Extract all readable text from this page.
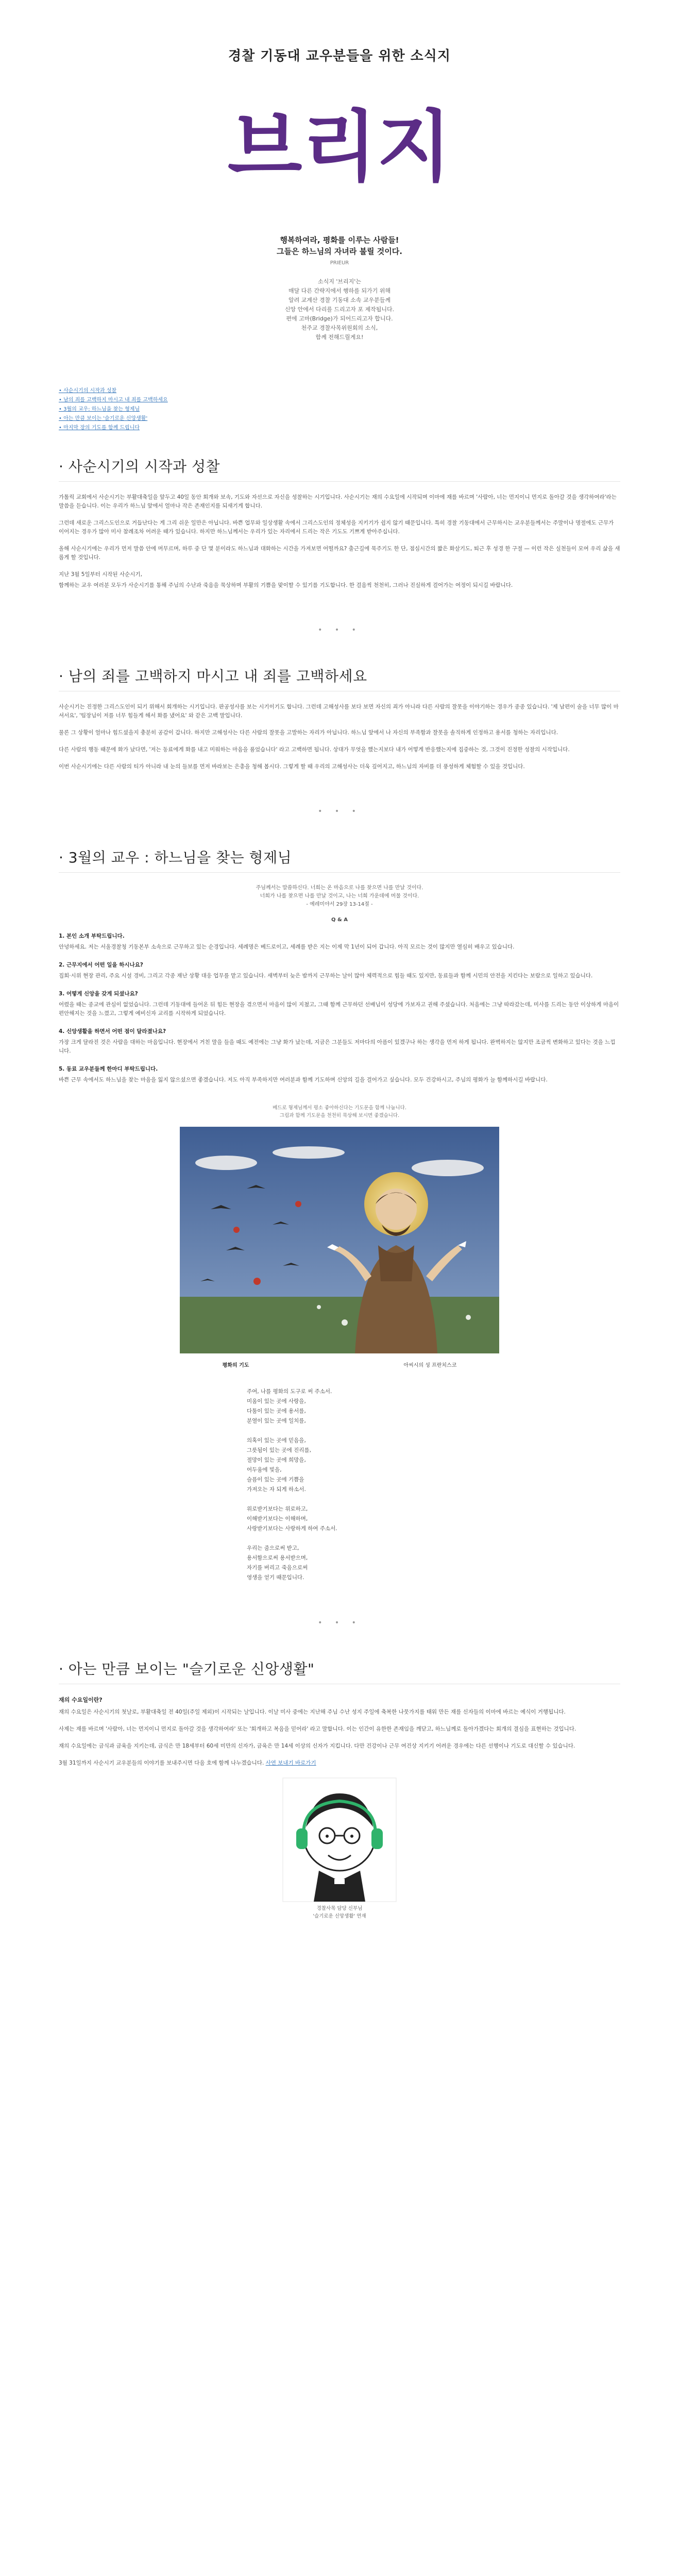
경찰 기동대 교우분들을 위한 소식지
브리지
행복하여라, 평화를 이루는 사람들!
그들은 하느님의 자녀라 불릴 것이다.
PRIEUR
소식지 '브리지'는
매달 다른 간략지에서 행하를 되가기 위해
알려 교계산 경찰 기동대 소속 교우분들께
신앙 안에서 다리를 드리고자 포 제작됩니다.
편에 고마(Bridge)가 되어드리고자 합니다.
천주교 경찰사목위원회의 소식,
함께 전해드릴게요!
• 사순시기의 시작과 성찰
• 남의 죄를 고백하지 마시고 내 죄를 고백하세요
• 3월의 교우: 하느님을 찾는 형제님
• 아는 만큼 보이는 '슬기로운 신앙생활'
• 마지막 장의 기도를 함께 드립니다
· 사순시기의 시작과 성찰

가톨릭 교회에서 사순시기는 부활대축일을 앞두고 40일 동안 회개와 보속, 기도와 자선으로 자신을 성찰하는 시기입니다. 사순시기는 재의 수요일에 시작되며 이마에 재를 바르며 '사람아, 너는 먼지이니 먼지로 돌아갈 것을 생각하여라'라는 말씀을 듣습니다. 이는 우리가 하느님 앞에서 얼마나 작은 존재인지를 되새기게 합니다.

그런데 새로운 그리스도인으로 거듭난다는 게 그리 쉬운 일만은 아닙니다. 바쁜 업무와 일상생활 속에서 그리스도인의 정체성을 지키기가 쉽지 않기 때문입니다. 특히 경찰 기동대에서 근무하시는 교우분들께서는 주말이나 명절에도 근무가 이어지는 경우가 많아 미사 참례조차 어려운 때가 있습니다. 하지만 하느님께서는 우리가 있는 자리에서 드리는 작은 기도도 기쁘게 받아주십니다.

올해 사순시기에는 우리가 먼저 말씀 안에 머무르며, 하루 중 단 몇 분이라도 하느님과 대화하는 시간을 가져보면 어떨까요? 출근길에 묵주기도 한 단, 점심시간의 짧은 화살기도, 퇴근 후 성경 한 구절 — 이런 작은 실천들이 모여 우리 삶을 새롭게 할 것입니다.

지난 3월 5일부터 시작된 사순시기,

함께하는 교우 여러분 모두가 사순시기를 통해 주님의 수난과 죽음을 묵상하며 부활의 기쁨을 맞이할 수 있기를 기도합니다. 한 걸음씩 천천히, 그러나 진실하게 걸어가는 여정이 되시길 바랍니다.

• • •
· 남의 죄를 고백하지 마시고 내 죄를 고백하세요

사순시기는 진정한 그리스도인이 되기 위해서 회개하는 시기입니다. 판공성사를 보는 시기이기도 합니다. 그런데 고해성사를 보다 보면 자신의 죄가 아니라 다른 사람의 잘못을 이야기하는 경우가 종종 있습니다. '제 남편이 술을 너무 많이 마셔서요', '팀장님이 저를 너무 힘들게 해서 화를 냈어요' 와 같은 고백 말입니다.

물론 그 상황이 얼마나 힘드셨을지 충분히 공감이 갑니다. 하지만 고해성사는 다른 사람의 잘못을 고발하는 자리가 아닙니다. 하느님 앞에서 나 자신의 부족함과 잘못을 솔직하게 인정하고 용서를 청하는 자리입니다.

다른 사람의 행동 때문에 화가 났다면, '저는 동료에게 화를 내고 미워하는 마음을 품었습니다' 라고 고백하면 됩니다. 상대가 무엇을 했는지보다 내가 어떻게 반응했는지에 집중하는 것, 그것이 진정한 성찰의 시작입니다.

이번 사순시기에는 다른 사람의 티가 아니라 내 눈의 들보를 먼저 바라보는 은총을 청해 봅시다. 그렇게 할 때 우리의 고해성사는 더욱 깊어지고, 하느님의 자비를 더 풍성하게 체험할 수 있을 것입니다.

• • •
· 3월의 교우 : 하느님을 찾는 형제님
주님께서는 말씀하신다. 너희는 온 마음으로 나를 찾으면 나를 만날 것이다.
너희가 나를 찾으면 나를 만날 것이고, 나는 너희 가운데에 머물 것이다.
- 예레미야서 29장 13-14절 -
Q & A
1. 본인 소개 부탁드립니다.

안녕하세요. 저는 서울경찰청 기동본부 소속으로 근무하고 있는 순경입니다. 세례명은 베드로이고, 세례를 받은 지는 이제 막 1년이 되어 갑니다. 아직 모르는 것이 많지만 열심히 배우고 있습니다.

2. 근무지에서 어떤 일을 하시나요?

집회·시위 현장 관리, 주요 시설 경비, 그리고 각종 재난 상황 대응 업무를 맡고 있습니다. 새벽부터 늦은 밤까지 근무하는 날이 많아 체력적으로 힘들 때도 있지만, 동료들과 함께 시민의 안전을 지킨다는 보람으로 일하고 있습니다.

3. 어떻게 신앙을 갖게 되셨나요?

어렸을 때는 종교에 관심이 없었습니다. 그런데 기동대에 들어온 뒤 힘든 현장을 겪으면서 마음이 많이 지쳤고, 그때 함께 근무하던 선배님이 성당에 가보자고 권해 주셨습니다. 처음에는 그냥 따라갔는데, 미사를 드리는 동안 이상하게 마음이 편안해지는 것을 느꼈고, 그렇게 예비신자 교리를 시작하게 되었습니다.

4. 신앙생활을 하면서 어떤 점이 달라졌나요?

가장 크게 달라진 것은 사람을 대하는 마음입니다. 현장에서 거친 말을 들을 때도 예전에는 그냥 화가 났는데, 지금은 그분들도 저마다의 아픔이 있겠구나 하는 생각을 먼저 하게 됩니다. 완벽하지는 않지만 조금씩 변화하고 있다는 것을 느낍니다.

5. 동료 교우분들께 한마디 부탁드립니다.

바쁜 근무 속에서도 하느님을 찾는 마음을 잃지 않으셨으면 좋겠습니다. 저도 아직 부족하지만 여러분과 함께 기도하며 신앙의 길을 걸어가고 싶습니다. 모두 건강하시고, 주님의 평화가 늘 함께하시길 바랍니다.

베드로 형제님께서 평소 좋아하신다는 기도문을 함께 나눕니다.
그림과 함께 기도문을 천천히 묵상해 보시면 좋겠습니다.
평화의 기도	아씨시의 성 프란치스코
주여, 나를 평화의 도구로 써 주소서.
미움이 있는 곳에 사랑을,
다툼이 있는 곳에 용서를,
분열이 있는 곳에 일치를,
의혹이 있는 곳에 믿음을,
그릇됨이 있는 곳에 진리를,
절망이 있는 곳에 희망을,
어두움에 빛을,
슬픔이 있는 곳에 기쁨을
가져오는 자 되게 하소서.
위로받기보다는 위로하고,
이해받기보다는 이해하며,
사랑받기보다는 사랑하게 하여 주소서.
우리는 줌으로써 받고,
용서함으로써 용서받으며,
자기를 버리고 죽음으로써
영생을 얻기 때문입니다.
• • •
· 아는 만큼 보이는 "슬기로운 신앙생활"
재의 수요일이란?

재의 수요일은 사순시기의 첫날로, 부활대축일 전 40일(주일 제외)이 시작되는 날입니다. 이날 미사 중에는 지난해 주님 수난 성지 주일에 축복한 나뭇가지를 태워 만든 재를 신자들의 이마에 바르는 예식이 거행됩니다.

사제는 재를 바르며 '사람아, 너는 먼지이니 먼지로 돌아갈 것을 생각하여라' 또는 '회개하고 복음을 믿어라' 라고 말합니다. 이는 인간이 유한한 존재임을 깨닫고, 하느님께로 돌아가겠다는 회개의 결심을 표현하는 것입니다.

재의 수요일에는 금식과 금육을 지키는데, 금식은 만 18세부터 60세 미만의 신자가, 금육은 만 14세 이상의 신자가 지킵니다. 다만 건강이나 근무 여건상 지키기 어려운 경우에는 다른 선행이나 기도로 대신할 수 있습니다.

3월 31일까지 사순시기 교우분들의 이야기를 보내주시면 다음 호에 함께 나누겠습니다. 사연 보내기 바로가기

경찰사목 담당 신부님
'슬기로운 신앙생활' 연재
